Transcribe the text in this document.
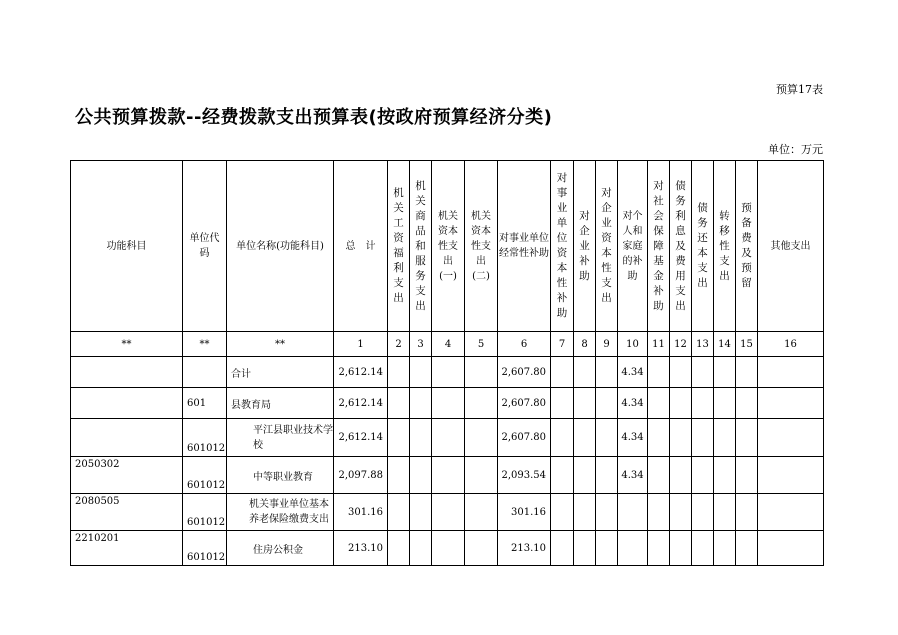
预算17表
公共预算拨款--经费拨款支出预算表(按政府预算经济分类)
单位：万元
功能科目	单位代码	单位名称(功能科目)	总　计	机关工资福利支出	机关商品和服务支出	机关资本性支出(一)	机关资本性支出(二)	对事业单位经常性补助	对事业单位资本性补助	对企业补助	对企业资本性支出	对个人和家庭的补助	对社会保障基金补助	债务利息及费用支出	债务还本支出	转移性支出	预备费及预留	其他支出
**	**	**	1	2	3	4	5	6	7	8	9	10	11	12	13	14	15	16
		合计	2,612.14					2,607.80				4.34						
	601	县教育局	2,612.14					2,607.80				4.34						
	601012	平江县职业技术学校	2,612.14					2,607.80				4.34						
2050302	601012	中等职业教育	2,097.88					2,093.54				4.34						
2080505	601012	机关事业单位基本养老保险缴费支出	301.16					301.16										
2210201	601012	住房公积金	213.10					213.10										
